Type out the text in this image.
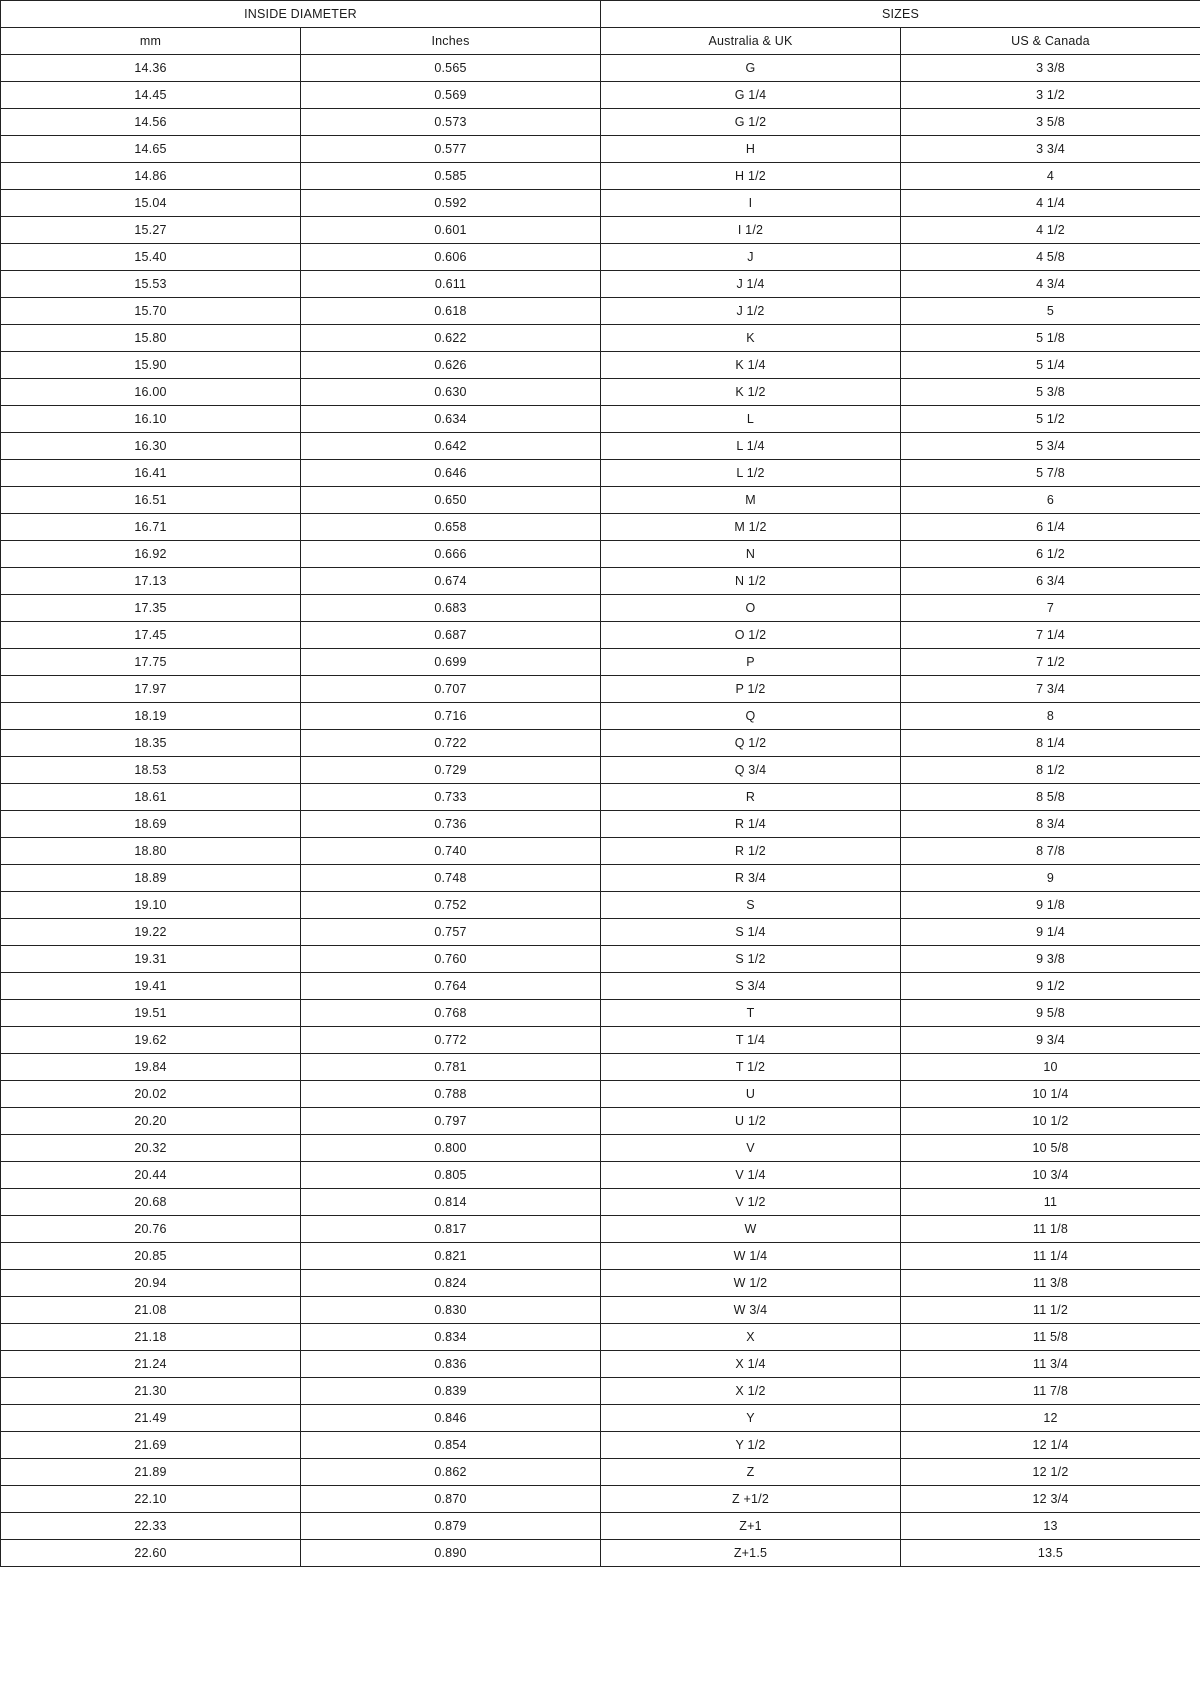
INSIDE DIAMETER		SIZES	
mm	Inches	Australia & UK	US & Canada
14.36	0.565	G	3 3/8
14.45	0.569	G 1/4	3 1/2
14.56	0.573	G 1/2	3 5/8
14.65	0.577	H	3 3/4
14.86	0.585	H 1/2	4
15.04	0.592	I	4 1/4
15.27	0.601	I 1/2	4 1/2
15.40	0.606	J	4 5/8
15.53	0.611	J 1/4	4 3/4
15.70	0.618	J 1/2	5
15.80	0.622	K	5 1/8
15.90	0.626	K 1/4	5 1/4
16.00	0.630	K 1/2	5 3/8
16.10	0.634	L	5 1/2
16.30	0.642	L 1/4	5 3/4
16.41	0.646	L 1/2	5 7/8
16.51	0.650	M	6
16.71	0.658	M 1/2	6 1/4
16.92	0.666	N	6 1/2
17.13	0.674	N 1/2	6 3/4
17.35	0.683	O	7
17.45	0.687	O 1/2	7 1/4
17.75	0.699	P	7 1/2
17.97	0.707	P 1/2	7 3/4
18.19	0.716	Q	8
18.35	0.722	Q 1/2	8 1/4
18.53	0.729	Q 3/4	8 1/2
18.61	0.733	R	8 5/8
18.69	0.736	R 1/4	8 3/4
18.80	0.740	R 1/2	8 7/8
18.89	0.748	R 3/4	9
19.10	0.752	S	9 1/8
19.22	0.757	S 1/4	9 1/4
19.31	0.760	S 1/2	9 3/8
19.41	0.764	S 3/4	9 1/2
19.51	0.768	T	9 5/8
19.62	0.772	T 1/4	9 3/4
19.84	0.781	T 1/2	10
20.02	0.788	U	10 1/4
20.20	0.797	U 1/2	10 1/2
20.32	0.800	V	10 5/8
20.44	0.805	V 1/4	10 3/4
20.68	0.814	V 1/2	11
20.76	0.817	W	11 1/8
20.85	0.821	W 1/4	11 1/4
20.94	0.824	W 1/2	11 3/8
21.08	0.830	W 3/4	11 1/2
21.18	0.834	X	11 5/8
21.24	0.836	X 1/4	11 3/4
21.30	0.839	X 1/2	11 7/8
21.49	0.846	Y	12
21.69	0.854	Y 1/2	12 1/4
21.89	0.862	Z	12 1/2
22.10	0.870	Z +1/2	12 3/4
22.33	0.879	Z+1	13
22.60	0.890	Z+1.5	13.5
